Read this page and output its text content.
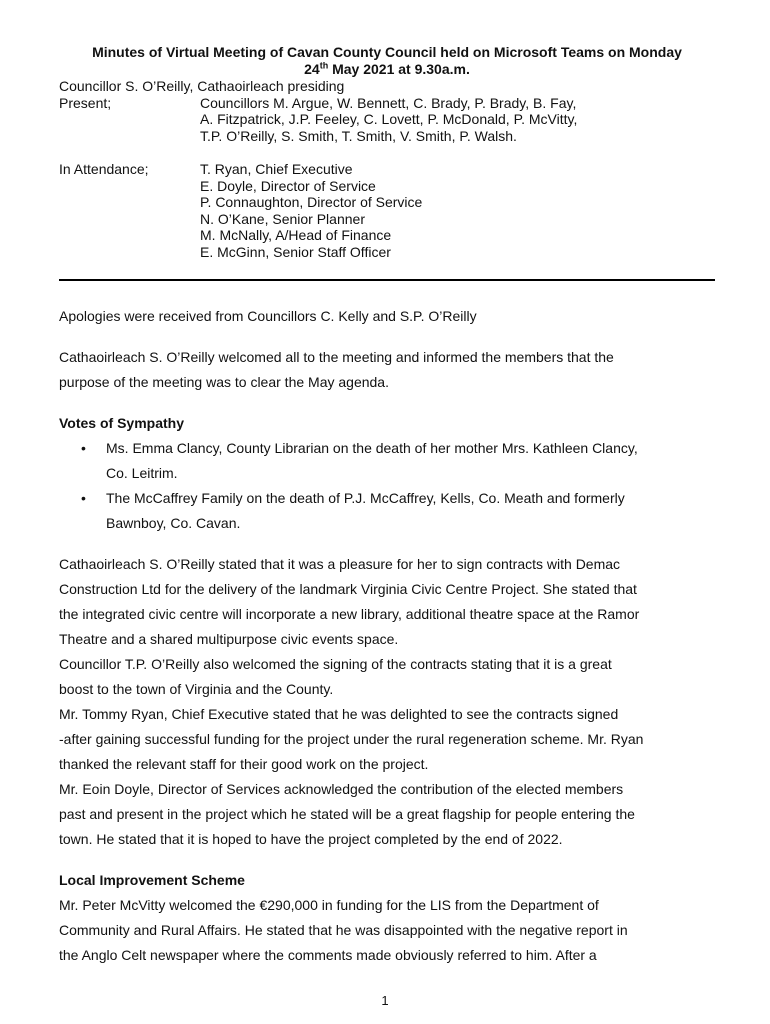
Minutes of Virtual Meeting of Cavan County Council held on Microsoft Teams on Monday
24th May 2021 at 9.30a.m.
Councillor S. O’Reilly, Cathaoirleach presiding
Present;	Councillors M. Argue, W. Bennett, C. Brady, P. Brady, B. Fay,
A. Fitzpatrick, J.P. Feeley, C. Lovett, P. McDonald, P. McVitty,
T.P. O’Reilly, S. Smith, T. Smith, V. Smith, P. Walsh.
In Attendance;	T. Ryan, Chief Executive
E. Doyle, Director of Service
P. Connaughton, Director of Service
N. O’Kane, Senior Planner
M. McNally, A/Head of Finance
E. McGinn, Senior Staff Officer

Apologies were received from Councillors C. Kelly and S.P. O’Reilly

Cathaoirleach S. O’Reilly welcomed all to the meeting and informed the members that the

purpose of the meeting was to clear the May agenda.

Votes of Sympathy

• Ms. Emma Clancy, County Librarian on the death of her mother Mrs. Kathleen Clancy,
Co. Leitrim.
• The McCaffrey Family on the death of P.J. McCaffrey, Kells, Co. Meath and formerly
Bawnboy, Co. Cavan.

Cathaoirleach S. O’Reilly stated that it was a pleasure for her to sign contracts with Demac

Construction Ltd for the delivery of the landmark Virginia Civic Centre Project. She stated that

the integrated civic centre will incorporate a new library, additional theatre space at the Ramor

Theatre and a shared multipurpose civic events space.

Councillor T.P. O’Reilly also welcomed the signing of the contracts stating that it is a great

boost to the town of Virginia and the County.

Mr. Tommy Ryan, Chief Executive stated that he was delighted to see the contracts signed

-after gaining successful funding for the project under the rural regeneration scheme. Mr. Ryan

thanked the relevant staff for their good work on the project.

Mr. Eoin Doyle, Director of Services acknowledged the contribution of the elected members

past and present in the project which he stated will be a great flagship for people entering the

town. He stated that it is hoped to have the project completed by the end of 2022.

Local Improvement Scheme

Mr. Peter McVitty welcomed the €290,000 in funding for the LIS from the Department of

Community and Rural Affairs. He stated that he was disappointed with the negative report in

the Anglo Celt newspaper where the comments made obviously referred to him. After a

1
